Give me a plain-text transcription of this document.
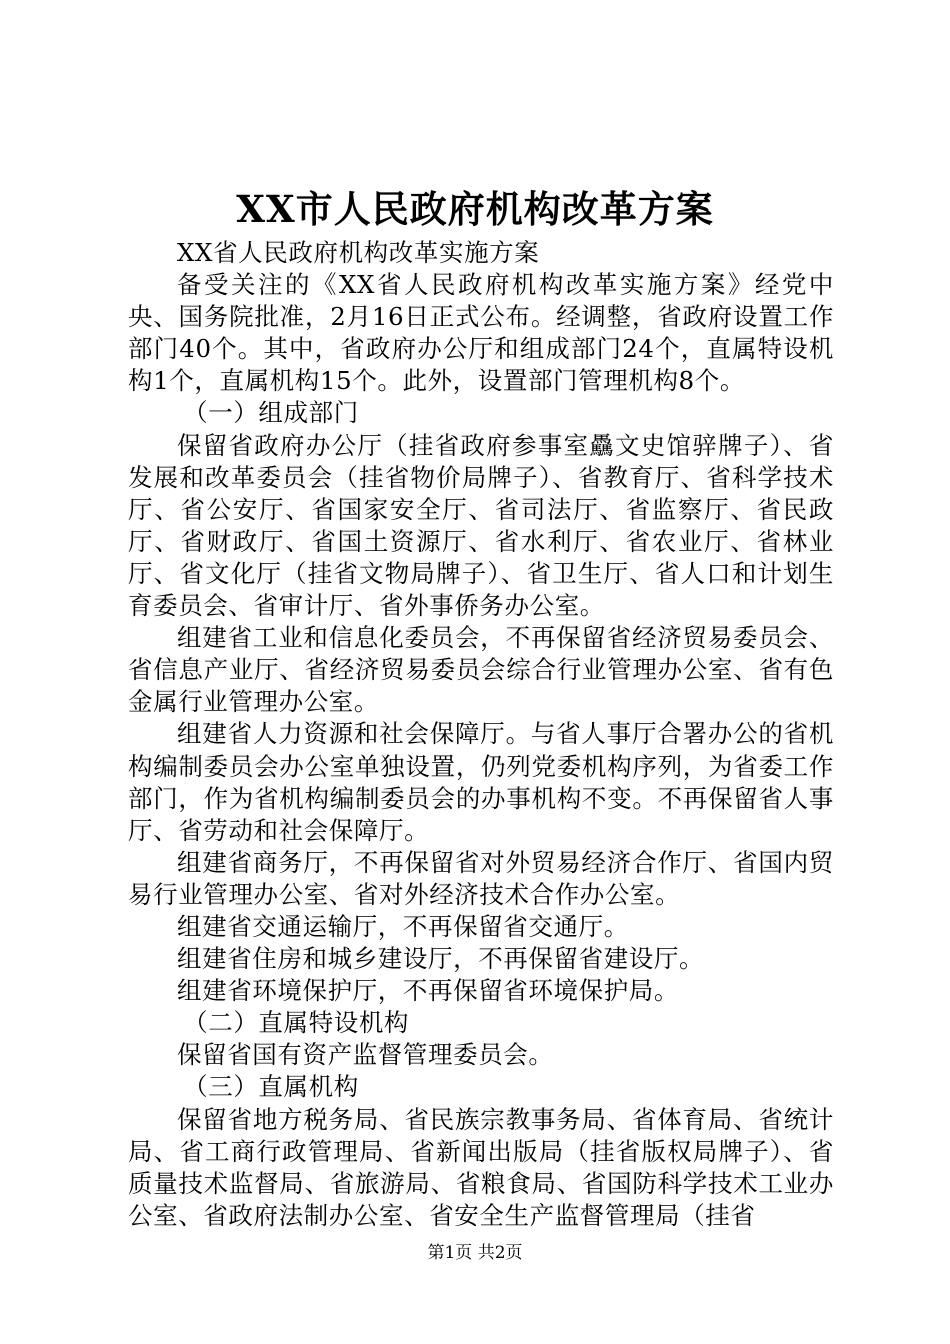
XX市人民政府机构改革方案

XX省人民政府机构改革实施方案

备受关注的《XX省人民政府机构改革实施方案》经党中央、国务院批准，2月16日正式公布。经调整，省政府设置工作部门40个。其中，省政府办公厅和组成部门24个，直属特设机构1个，直属机构15个。此外，设置部门管理机构8个。

（一）组成部门

保留省政府办公厅（挂省政府参事室驫文史馆骍牌子）、省发展和改革委员会（挂省物价局牌子）、省教育厅、省科学技术厅、省公安厅、省国家安全厅、省司法厅、省监察厅、省民政厅、省财政厅、省国土资源厅、省水利厅、省农业厅、省林业厅、省文化厅（挂省文物局牌子）、省卫生厅、省人口和计划生育委员会、省审计厅、省外事侨务办公室。

组建省工业和信息化委员会，不再保留省经济贸易委员会、省信息产业厅、省经济贸易委员会综合行业管理办公室、省有色金属行业管理办公室。

组建省人力资源和社会保障厅。与省人事厅合署办公的省机构编制委员会办公室单独设置，仍列党委机构序列，为省委工作部门，作为省机构编制委员会的办事机构不变。不再保留省人事厅、省劳动和社会保障厅。

组建省商务厅，不再保留省对外贸易经济合作厅、省国内贸易行业管理办公室、省对外经济技术合作办公室。

组建省交通运输厅，不再保留省交通厅。

组建省住房和城乡建设厅，不再保留省建设厅。

组建省环境保护厅，不再保留省环境保护局。

（二）直属特设机构

保留省国有资产监督管理委员会。

（三）直属机构

保留省地方税务局、省民族宗教事务局、省体育局、省统计局、省工商行政管理局、省新闻出版局（挂省版权局牌子）、省质量技术监督局、省旅游局、省粮食局、省国防科学技术工业办公室、省政府法制办公室、省安全生产监督管理局（挂省

第1页 共2页
